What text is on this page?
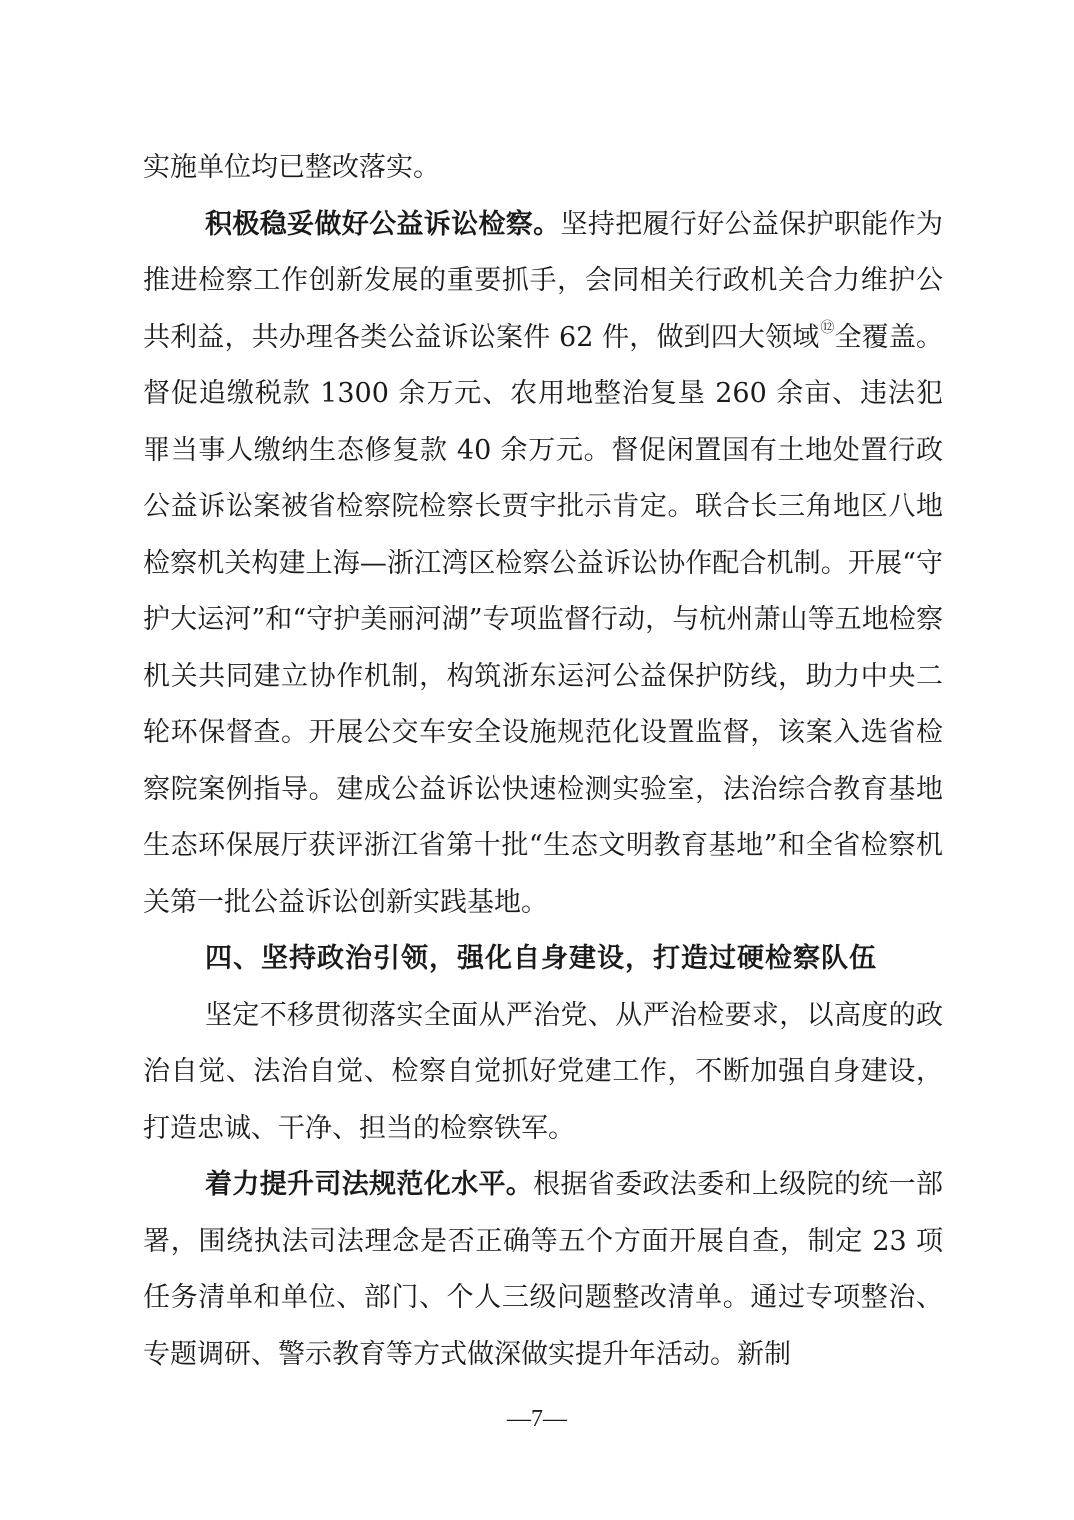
实施单位均已整改落实。

积极稳妥做好公益诉讼检察。坚持把履行好公益保护职能作为推进检察工作创新发展的重要抓手，会同相关行政机关合力维护公共利益，共办理各类公益诉讼案件 62 件，做到四大领域⑫全覆盖。督促追缴税款 1300 余万元、农用地整治复垦 260 余亩、违法犯罪当事人缴纳生态修复款 40 余万元。督促闲置国有土地处置行政公益诉讼案被省检察院检察长贾宇批示肯定。联合长三角地区八地检察机关构建上海—浙江湾区检察公益诉讼协作配合机制。开展“守护大运河”和“守护美丽河湖”专项监督行动，与杭州萧山等五地检察机关共同建立协作机制，构筑浙东运河公益保护防线，助力中央二轮环保督查。开展公交车安全设施规范化设置监督，该案入选省检察院案例指导。建成公益诉讼快速检测实验室，法治综合教育基地生态环保展厅获评浙江省第十批“生态文明教育基地”和全省检察机关第一批公益诉讼创新实践基地。

四、坚持政治引领，强化自身建设，打造过硬检察队伍

坚定不移贯彻落实全面从严治党、从严治检要求，以高度的政治自觉、法治自觉、检察自觉抓好党建工作，不断加强自身建设，打造忠诚、干净、担当的检察铁军。

着力提升司法规范化水平。根据省委政法委和上级院的统一部署，围绕执法司法理念是否正确等五个方面开展自查，制定 23 项任务清单和单位、部门、个人三级问题整改清单。通过专项整治、专题调研、警示教育等方式做深做实提升年活动。新制

—7—
